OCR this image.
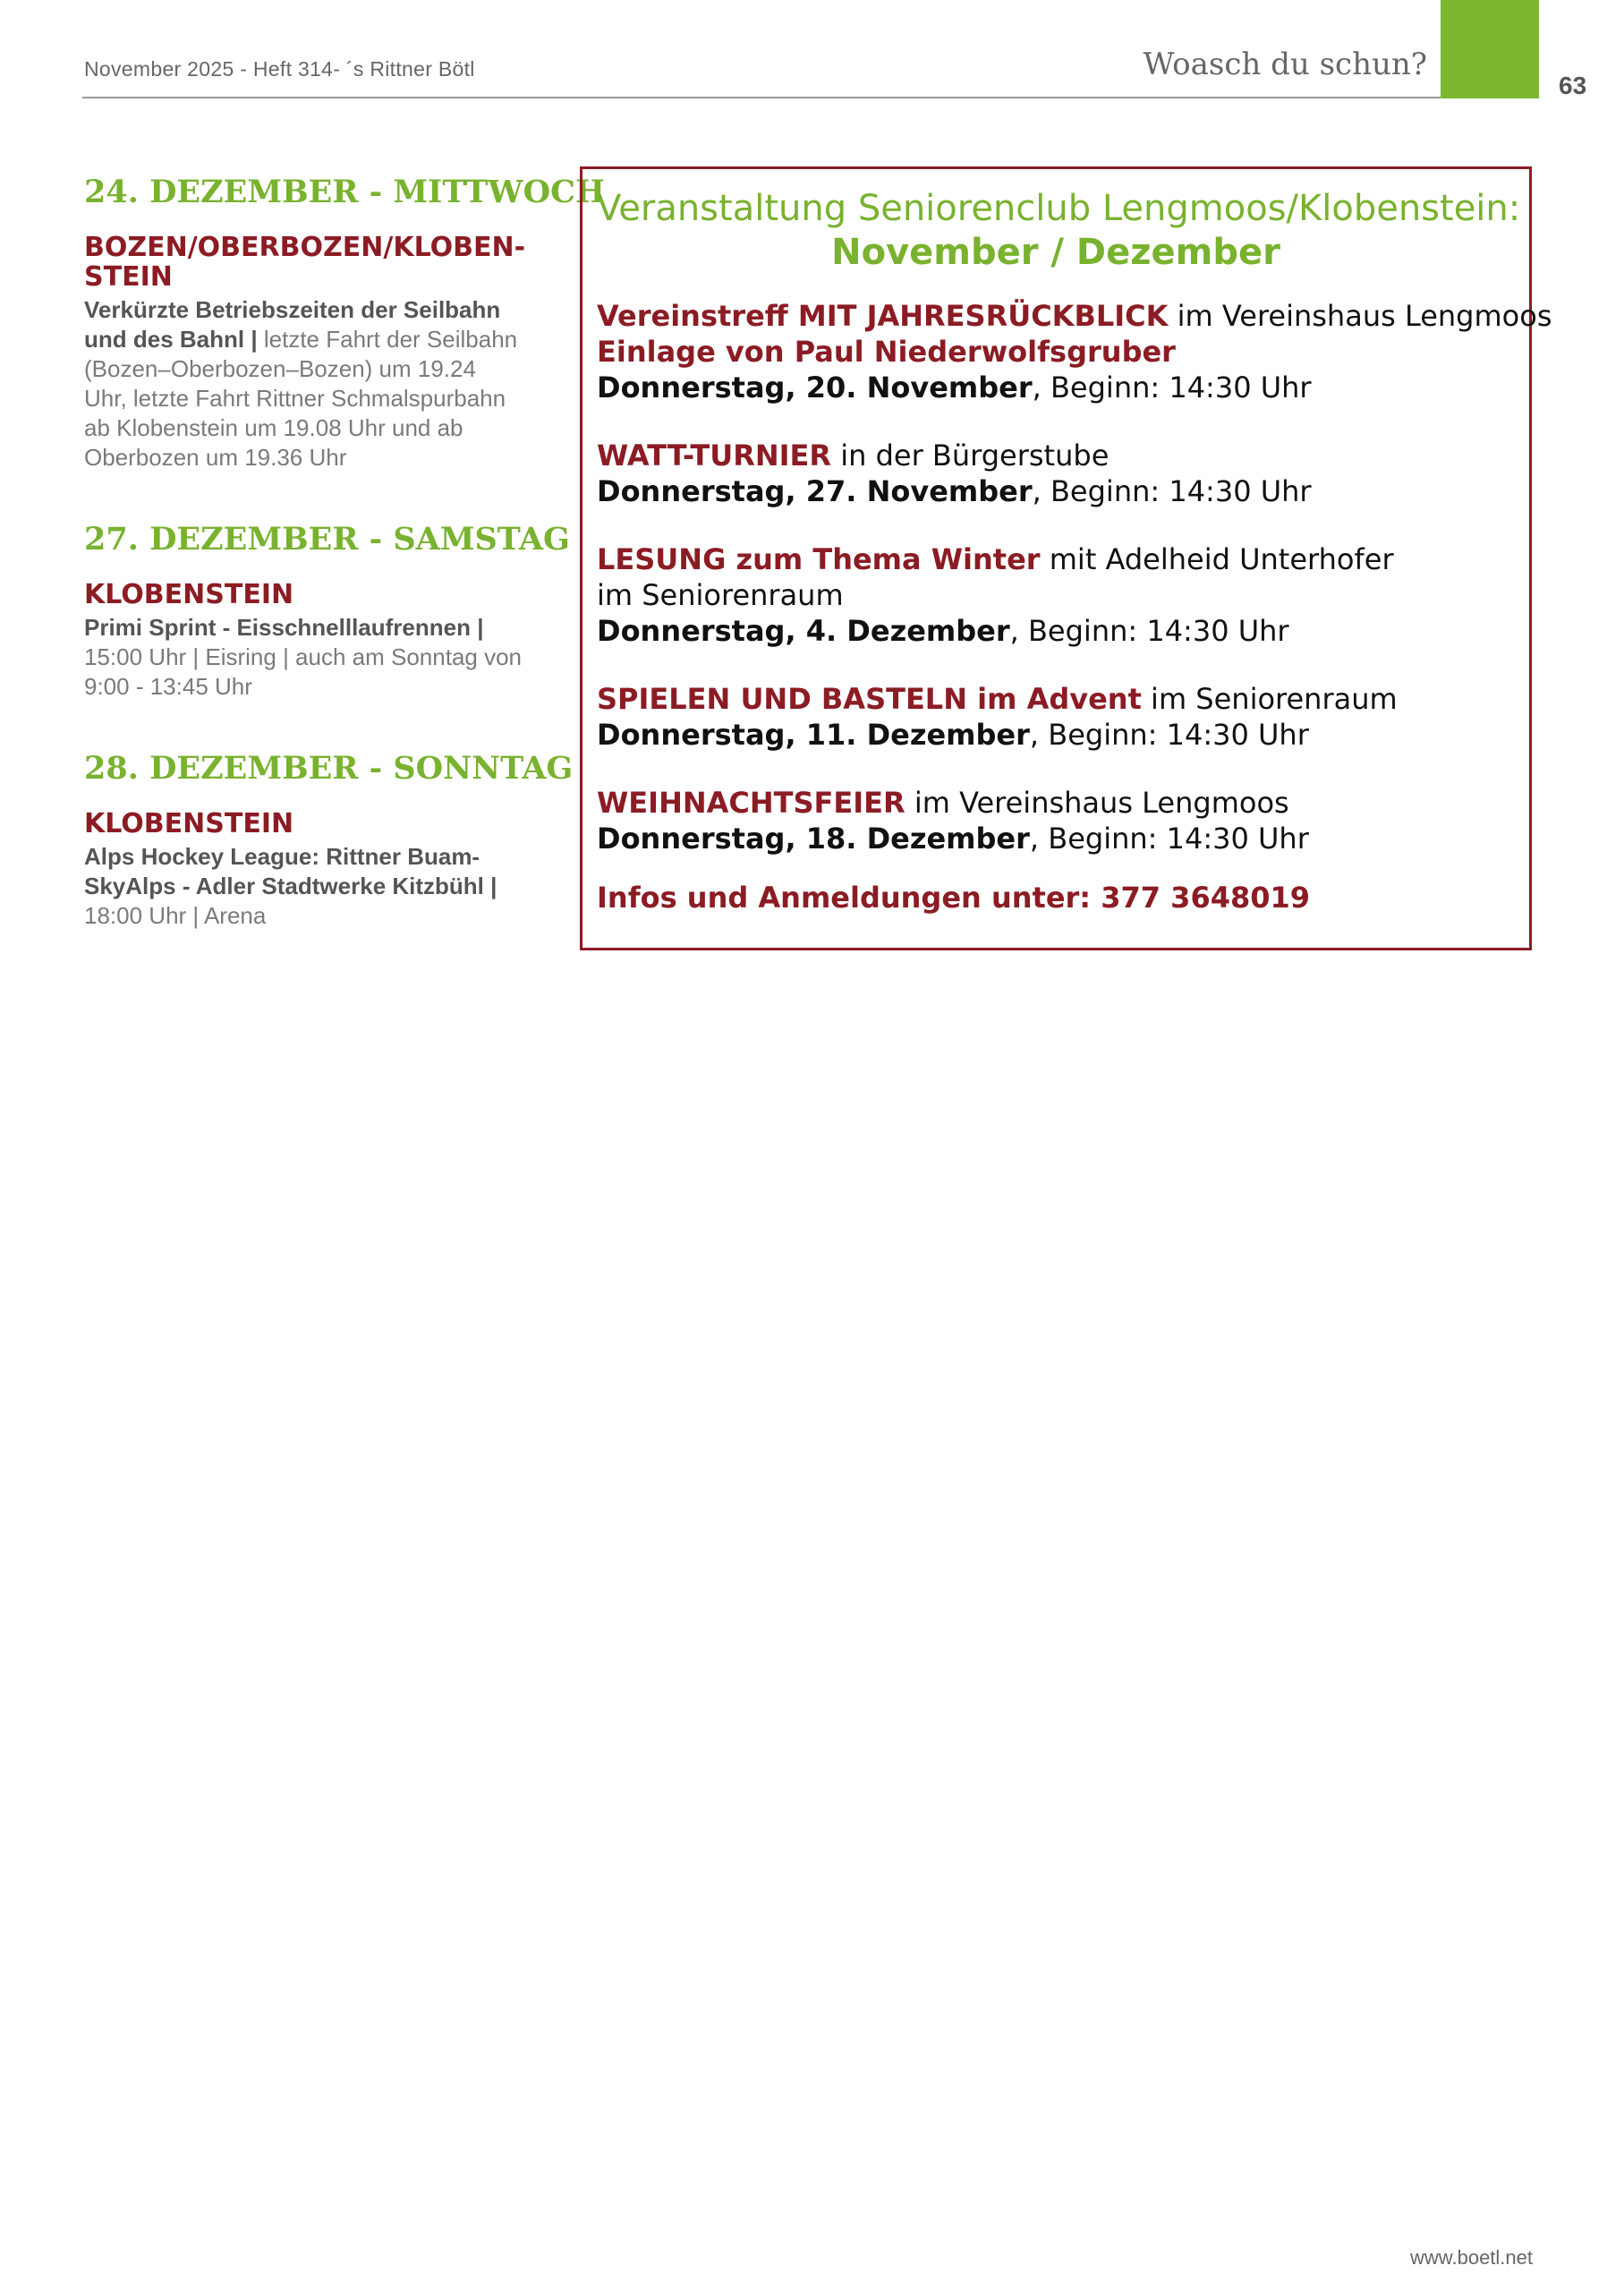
November 2025 - Heft 314- ´s Rittner Bötl	Woasch du schun?
63
24. DEZEMBER - MITTWOCH
BOZEN/OBERBOZEN/KLOBEN-
STEIN

Verkürzte Betriebszeiten der Seilbahn
und des Bahnl | letzte Fahrt der Seilbahn
(Bozen–Oberbozen–Bozen) um 19.24
Uhr, letzte Fahrt Rittner Schmalspurbahn
ab Klobenstein um 19.08 Uhr und ab
Oberbozen um 19.36 Uhr

27. DEZEMBER - SAMSTAG
KLOBENSTEIN

Primi Sprint - Eisschnelllaufrennen |
15:00 Uhr | Eisring | auch am Sonntag von
9:00 - 13:45 Uhr

28. DEZEMBER - SONNTAG
KLOBENSTEIN

Alps Hockey League: Rittner Buam-
SkyAlps - Adler Stadtwerke Kitzbühl |
18:00 Uhr | Arena

Veranstaltung Seniorenclub Lengmoos/Klobenstein:
November / Dezember
Vereinstreff MIT JAHRESRÜCKBLICK im Vereinshaus Lengmoos
Einlage von Paul Niederwolfsgruber
Donnerstag, 20. November, Beginn: 14:30 Uhr
WATT-TURNIER in der Bürgerstube
Donnerstag, 27. November, Beginn: 14:30 Uhr
LESUNG zum Thema Winter mit Adelheid Unterhofer
im Seniorenraum
Donnerstag, 4. Dezember, Beginn: 14:30 Uhr
SPIELEN UND BASTELN im Advent im Seniorenraum
Donnerstag, 11. Dezember, Beginn: 14:30 Uhr
WEIHNACHTSFEIER im Vereinshaus Lengmoos
Donnerstag, 18. Dezember, Beginn: 14:30 Uhr
Infos und Anmeldungen unter: 377 3648019
www.boetl.net
